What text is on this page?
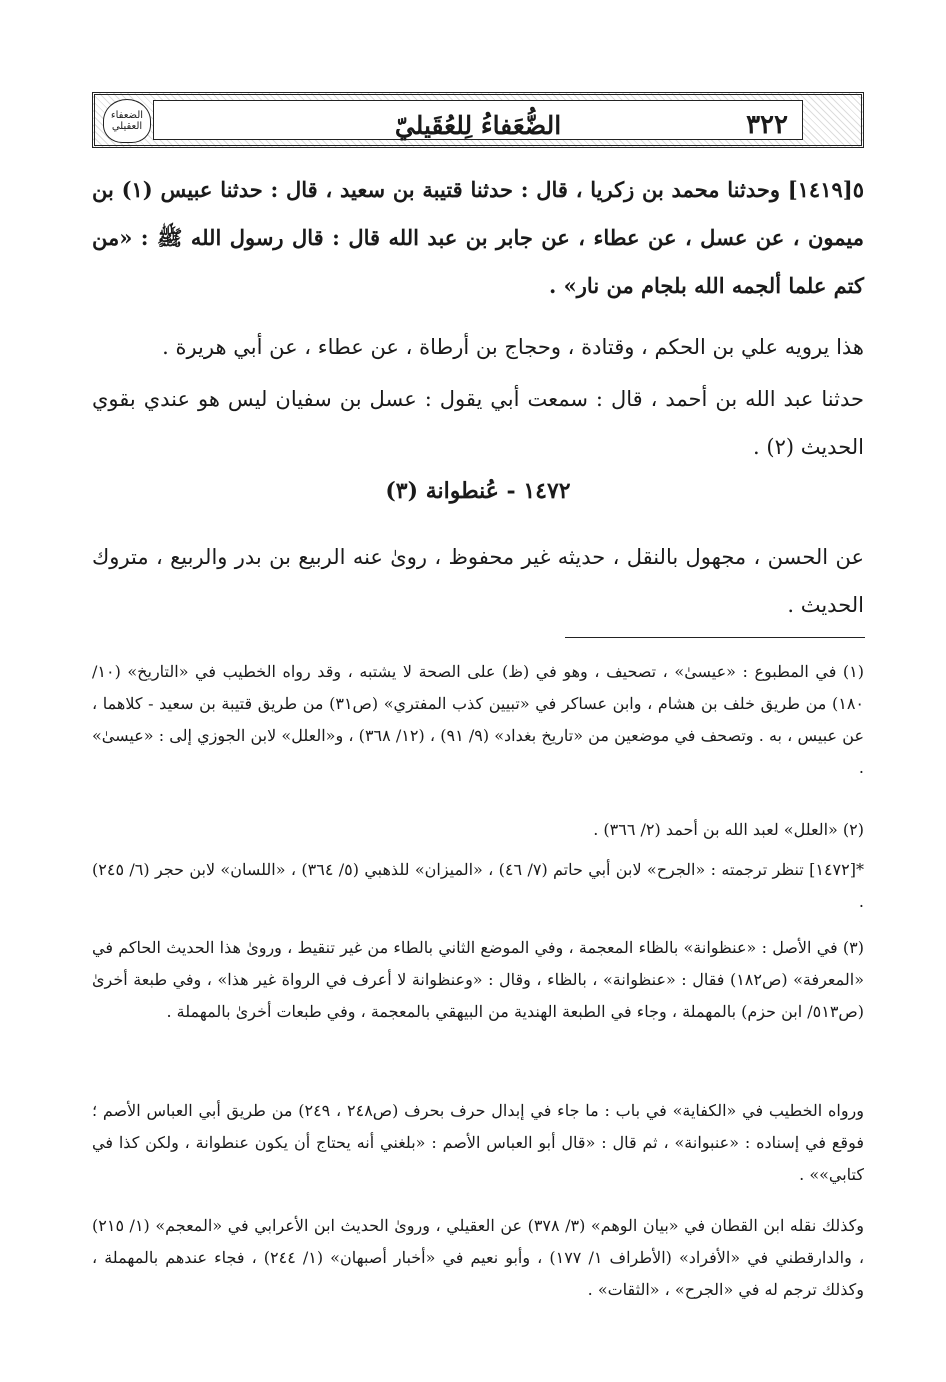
الضعفاء العقيلي	الضُّعَفاءُ لِلعُقَيليّ	٣٢٢
٥[١٤١٩] وحدثنا محمد بن زكريا ، قال : حدثنا قتيبة بن سعيد ، قال : حدثنا عبيس (١) بن ميمون ، عن عسل ، عن عطاء ، عن جابر بن عبد الله قال : قال رسول الله ﷺ : «من كتم علما ألجمه الله بلجام من نار» .
هذا يرويه علي بن الحكم ، وقتادة ، وحجاج بن أرطاة ، عن عطاء ، عن أبي هريرة .
حدثنا عبد الله بن أحمد ، قال : سمعت أبي يقول : عسل بن سفيان ليس هو عندي بقوي الحديث (٢) .
١٤٧٢ - عُنطوانة (٣)
عن الحسن ، مجهول بالنقل ، حديثه غير محفوظ ، روىٰ عنه الربيع بن بدر والربيع ، متروك الحديث .
(١) في المطبوع : «عيسىٰ» ، تصحيف ، وهو في (ظ) على الصحة لا يشتبه ، وقد رواه الخطيب في «التاريخ» (١٠/ ١٨٠) من طريق خلف بن هشام ، وابن عساكر في «تبيين كذب المفتري» (ص٣١) من طريق قتيبة بن سعيد - كلاهما ، عن عبيس ، به . وتصحف في موضعين من «تاريخ بغداد» (٩/ ٩١) ، (١٢/ ٣٦٨) ، و«العلل» لابن الجوزي إلى : «عيسىٰ» .
(٢) «العلل» لعبد الله بن أحمد (٢/ ٣٦٦) .
*[١٤٧٢] تنظر ترجمته : «الجرح» لابن أبي حاتم (٧/ ٤٦) ، «الميزان» للذهبي (٥/ ٣٦٤) ، «اللسان» لابن حجر (٦/ ٢٤٥) .
(٣) في الأصل : «عنظوانة» بالظاء المعجمة ، وفي الموضع الثاني بالطاء من غير تنقيط ، وروىٰ هذا الحديث الحاكم في «المعرفة» (ص١٨٢) فقال : «عنظوانة» ، بالظاء ، وقال : «وعنظوانة لا أعرف في الرواة غير هذا» ، وفي طبعة أخرىٰ (ص٥١٣/ ابن حزم) بالمهملة ، وجاء في الطبعة الهندية من البيهقي بالمعجمة ، وفي طبعات أخرىٰ بالمهملة .
ورواه الخطيب في «الكفاية» في باب : ما جاء في إبدال حرف بحرف (ص٢٤٨ ، ٢٤٩) من طريق أبي العباس الأصم ؛ فوقع في إسناده : «عنبوانة» ، ثم قال : «قال أبو العباس الأصم : «بلغني أنه يحتاج أن يكون عنطوانة ، ولكن كذا في كتابي»» .
وكذلك نقله ابن القطان في «بيان الوهم» (٣/ ٣٧٨) عن العقيلي ، وروىٰ الحديث ابن الأعرابي في «المعجم» (١/ ٢١٥) ، والدارقطني في «الأفراد» (الأطراف ١/ ١٧٧) ، وأبو نعيم في «أخبار أصبهان» (١/ ٢٤٤) ، فجاء عندهم بالمهملة ، وكذلك ترجم له في «الجرح» ، «الثقات» .
